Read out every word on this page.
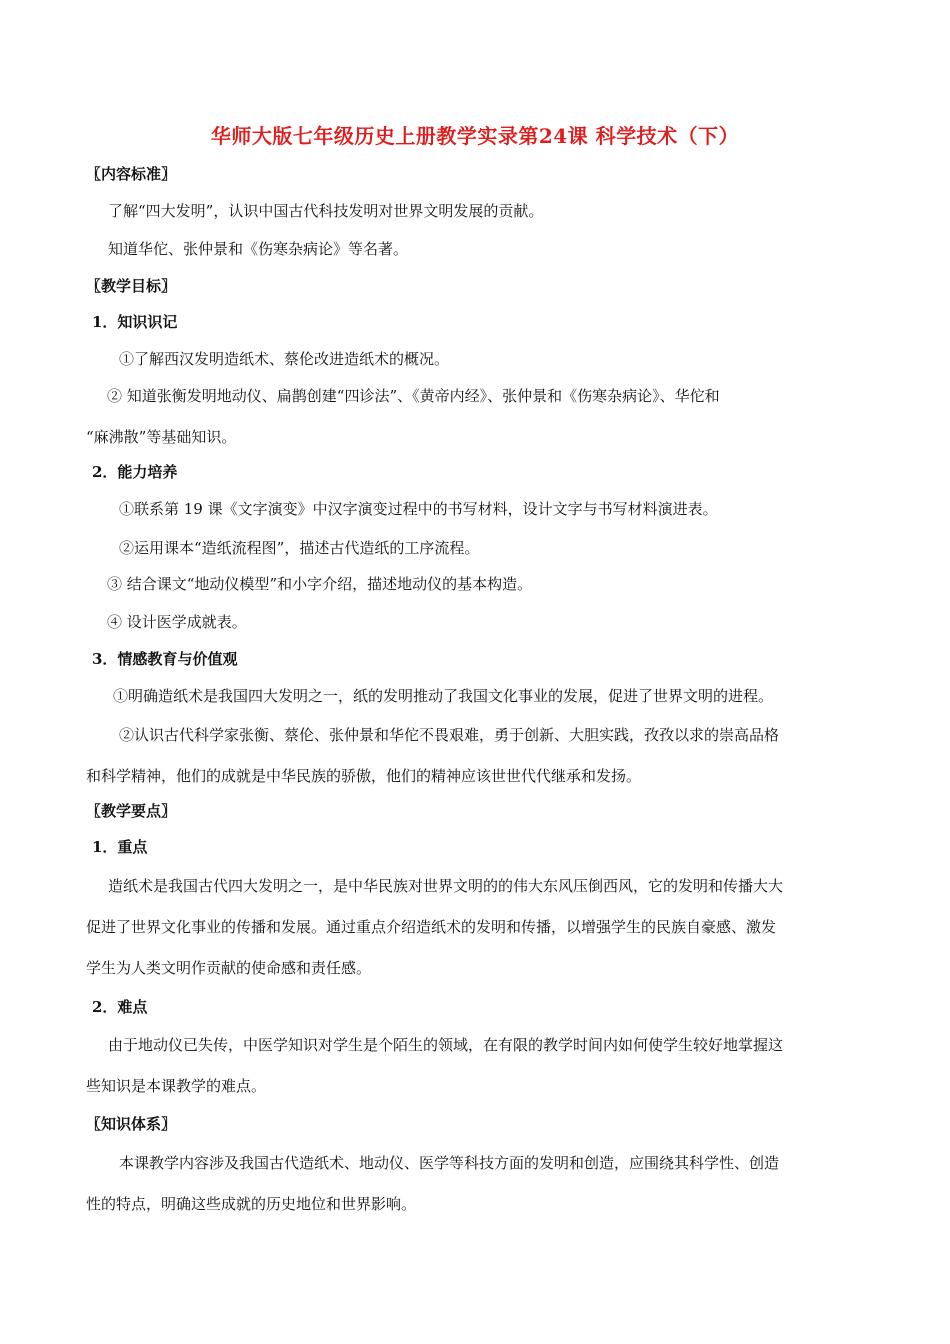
华师大版七年级历史上册教学实录第24课 科学技术（下）
〖内容标准〗
了解“四大发明”，认识中国古代科技发明对世界文明发展的贡献。
知道华佗、张仲景和《伤寒杂病论》等名著。
〖教学目标〗
1．知识识记
①了解西汉发明造纸术、蔡伦改进造纸术的概况。
② 知道张衡发明地动仪、扁鹊创建“四诊法”、《黄帝内经》、张仲景和《伤寒杂病论》、华佗和
“麻沸散”等基础知识。
2．能力培养
①联系第 19 课《文字演变》中汉字演变过程中的书写材料，设计文字与书写材料演进表。
②运用课本“造纸流程图”，描述古代造纸的工序流程。
③ 结合课文“地动仪模型”和小字介绍，描述地动仪的基本构造。
④ 设计医学成就表。
3．情感教育与价值观
①明确造纸术是我国四大发明之一，纸的发明推动了我国文化事业的发展，促进了世界文明的进程。
②认识古代科学家张衡、蔡伦、张仲景和华佗不畏艰难，勇于创新、大胆实践，孜孜以求的崇高品格
和科学精神，他们的成就是中华民族的骄傲，他们的精神应该世世代代继承和发扬。
〖教学要点〗
1．重点
造纸术是我国古代四大发明之一，是中华民族对世界文明的的伟大东风压倒西风，它的发明和传播大大
促进了世界文化事业的传播和发展。通过重点介绍造纸术的发明和传播，以增强学生的民族自豪感、激发
学生为人类文明作贡献的使命感和责任感。
2．难点
由于地动仪已失传，中医学知识对学生是个陌生的领域，在有限的教学时间内如何使学生较好地掌握这
些知识是本课教学的难点。
〖知识体系〗
本课教学内容涉及我国古代造纸术、地动仪、医学等科技方面的发明和创造，应围绕其科学性、创造
性的特点，明确这些成就的历史地位和世界影响。
